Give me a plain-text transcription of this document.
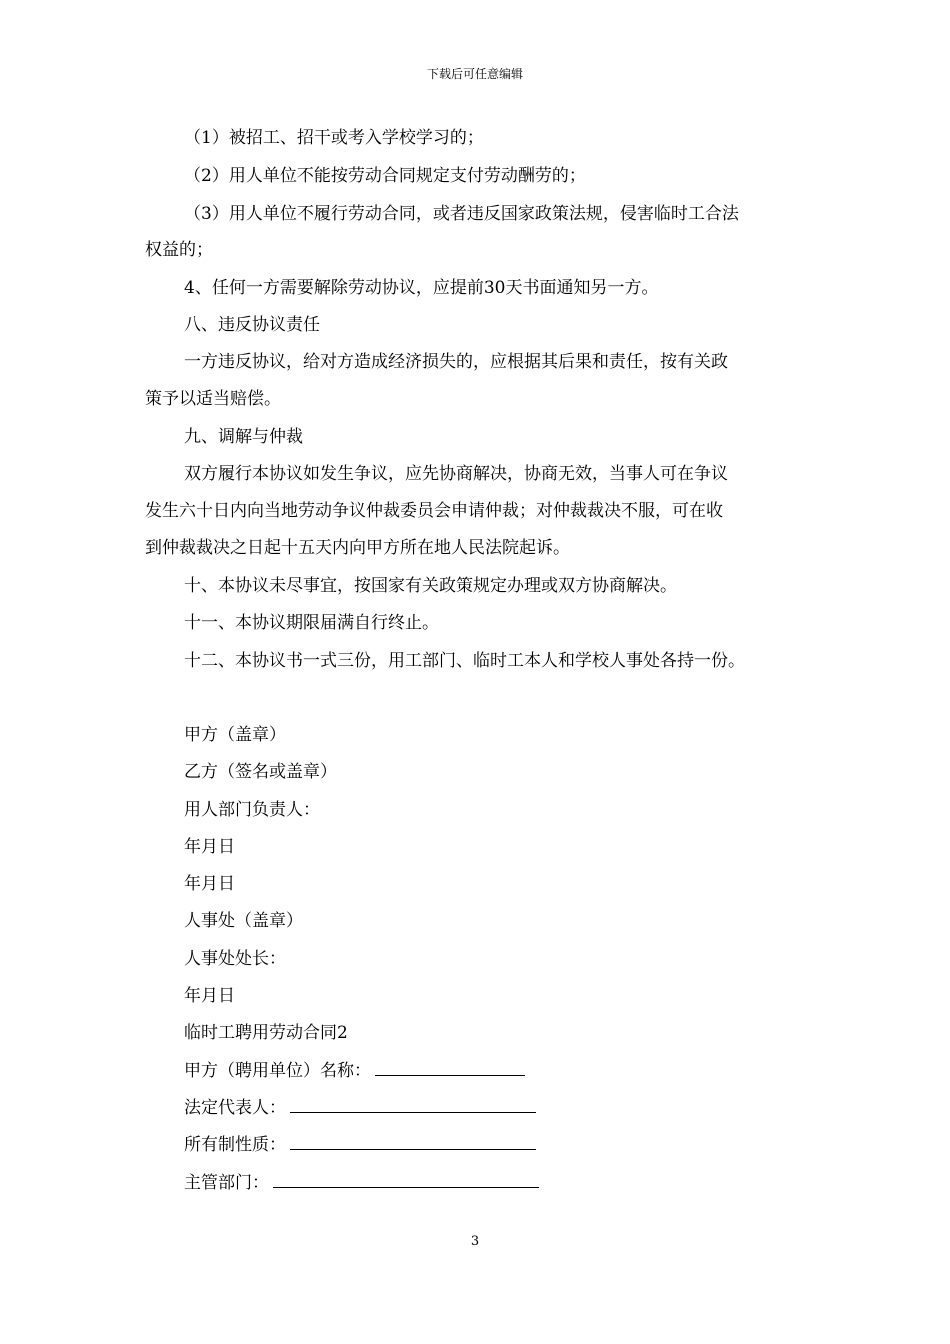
下载后可任意编辑
（1）被招工、招干或考入学校学习的；
（2）用人单位不能按劳动合同规定支付劳动酬劳的；
（3）用人单位不履行劳动合同，或者违反国家政策法规，侵害临时工合法
权益的；
4、任何一方需要解除劳动协议，应提前30天书面通知另一方。
八、违反协议责任
一方违反协议，给对方造成经济损失的，应根据其后果和责任，按有关政
策予以适当赔偿。
九、调解与仲裁
双方履行本协议如发生争议，应先协商解决，协商无效，当事人可在争议
发生六十日内向当地劳动争议仲裁委员会申请仲裁；对仲裁裁决不服，可在收
到仲裁裁决之日起十五天内向甲方所在地人民法院起诉。
十、本协议未尽事宜，按国家有关政策规定办理或双方协商解决。
十一、本协议期限届满自行终止。
十二、本协议书一式三份，用工部门、临时工本人和学校人事处各持一份。
甲方（盖章）
乙方（签名或盖章）
用人部门负责人：
年月日
年月日
人事处（盖章）
人事处处长：
年月日
临时工聘用劳动合同2
甲方（聘用单位）名称：
法定代表人：
所有制性质：
主管部门：
3
